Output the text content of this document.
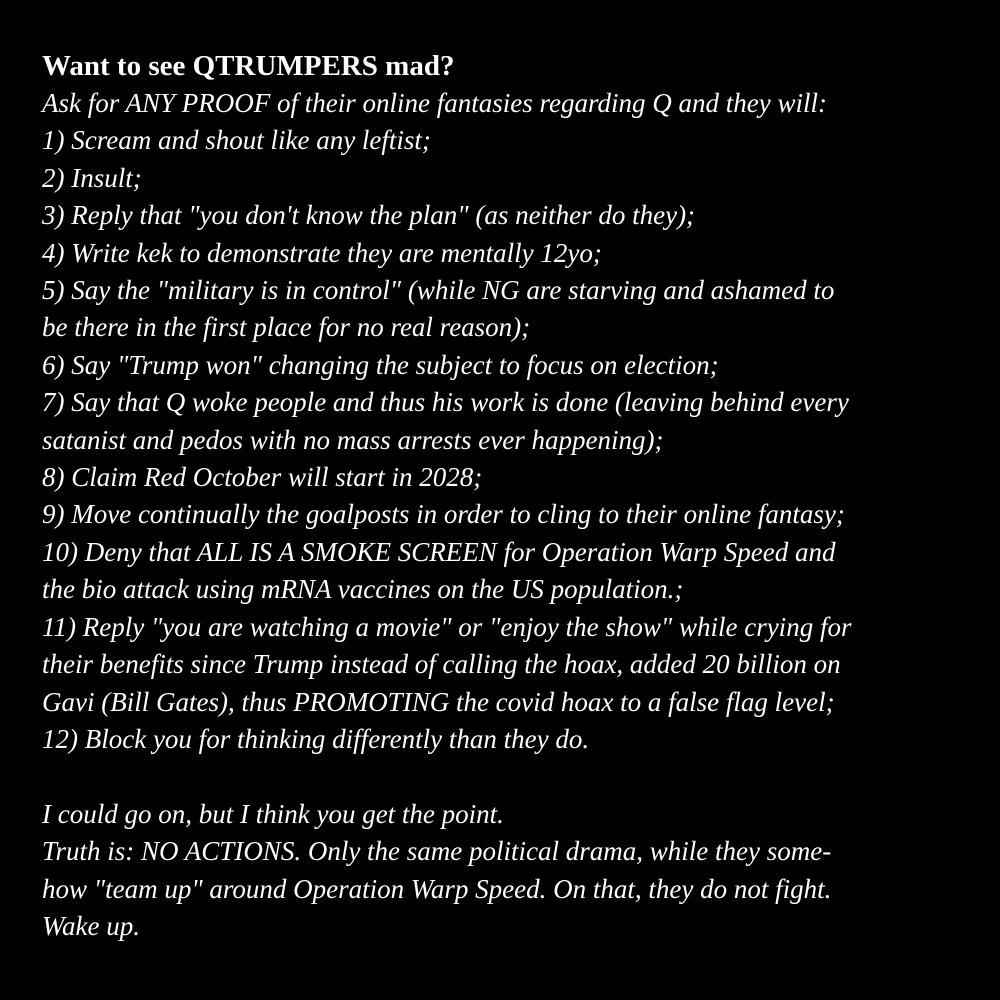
Want to see QTRUMPERS mad?
Ask for ANY PROOF of their online fantasies regarding Q and they will:
1) Scream and shout like any leftist;
2) Insult;
3) Reply that "you don't know the plan" (as neither do they);
4) Write kek to demonstrate they are mentally 12yo;
5) Say the "military is in control" (while NG are starving and ashamed to
be there in the first place for no real reason);
6) Say "Trump won" changing the subject to focus on election;
7) Say that Q woke people and thus his work is done (leaving behind every
satanist and pedos with no mass arrests ever happening);
8) Claim Red October will start in 2028;
9) Move continually the goalposts in order to cling to their online fantasy;
10) Deny that ALL IS A SMOKE SCREEN for Operation Warp Speed and
the bio attack using mRNA vaccines on the US population.;
11) Reply "you are watching a movie" or "enjoy the show" while crying for
their benefits since Trump instead of calling the hoax, added 20 billion on
Gavi (Bill Gates), thus PROMOTING the covid hoax to a false flag level;
12) Block you for thinking differently than they do.
I could go on, but I think you get the point.
Truth is: NO ACTIONS. Only the same political drama, while they some-
how "team up" around Operation Warp Speed. On that, they do not fight.
Wake up.
